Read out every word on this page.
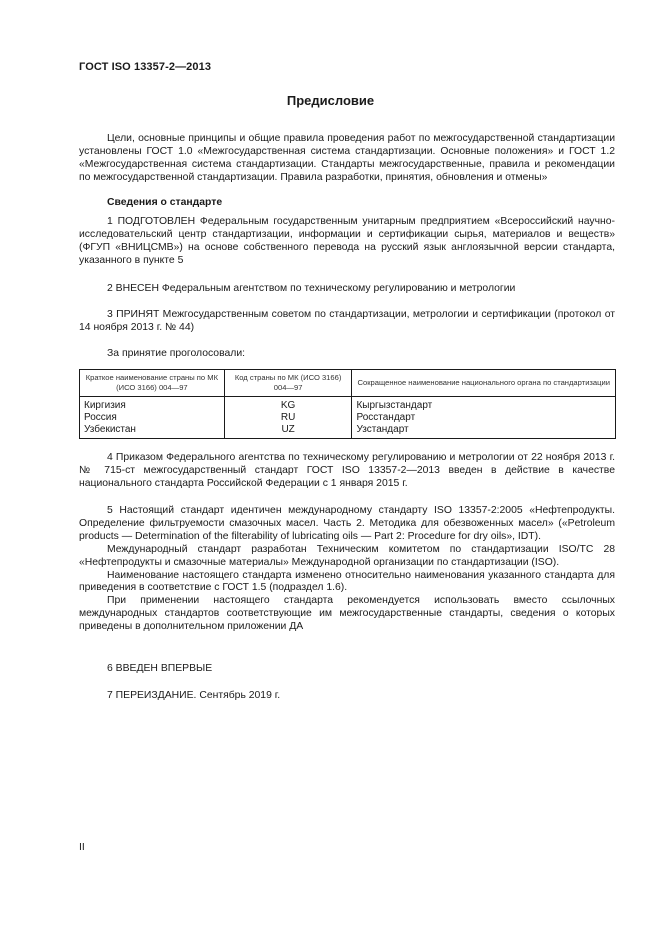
ГОСТ ISO 13357-2—2013
Предисловие

Цели, основные принципы и общие правила проведения работ по межгосударственной стандартизации установлены ГОСТ 1.0 «Межгосударственная система стандартизации. Основные положения» и ГОСТ 1.2 «Межгосударственная система стандартизации. Стандарты межгосударственные, правила и рекомендации по межгосударственной стандартизации. Правила разработки, принятия, обновления и отмены»

Сведения о стандарте

1 ПОДГОТОВЛЕН Федеральным государственным унитарным предприятием «Всероссийский научно-исследовательский центр стандартизации, информации и сертификации сырья, материалов и веществ» (ФГУП «ВНИЦСМВ») на основе собственного перевода на русский язык англоязычной версии стандарта, указанного в пункте 5

2 ВНЕСЕН Федеральным агентством по техническому регулированию и метрологии

3 ПРИНЯТ Межгосударственным советом по стандартизации, метрологии и сертификации (протокол от 14 ноября 2013 г. № 44)

За принятие проголосовали:

Краткое наименование страны по МК (ИСО 3166) 004—97	Код страны по МК (ИСО 3166) 004—97	Сокращенное наименование национального органа по стандартизации
Киргизия	KG	Кыргызстандарт
Россия	RU	Росстандарт
Узбекистан	UZ	Узстандарт

4 Приказом Федерального агентства по техническому регулированию и метрологии от 22 ноября 2013 г. № 715-ст межгосударственный стандарт ГОСТ ISO 13357-2—2013 введен в действие в качестве национального стандарта Российской Федерации с 1 января 2015 г.

5 Настоящий стандарт идентичен международному стандарту ISO 13357-2:2005 «Нефтепродукты. Определение фильтруемости смазочных масел. Часть 2. Методика для обезвоженных масел» («Petroleum products — Determination of the filterability of lubricating oils — Part 2: Procedure for dry oils», IDT).

Международный стандарт разработан Техническим комитетом по стандартизации ISO/TC 28 «Нефтепродукты и смазочные материалы» Международной организации по стандартизации (ISO).

Наименование настоящего стандарта изменено относительно наименования указанного стандарта для приведения в соответствие с ГОСТ 1.5 (подраздел 1.6).

При применении настоящего стандарта рекомендуется использовать вместо ссылочных международных стандартов соответствующие им межгосударственные стандарты, сведения о которых приведены в дополнительном приложении ДА

6 ВВЕДЕН ВПЕРВЫЕ

7 ПЕРЕИЗДАНИЕ. Сентябрь 2019 г.

II
